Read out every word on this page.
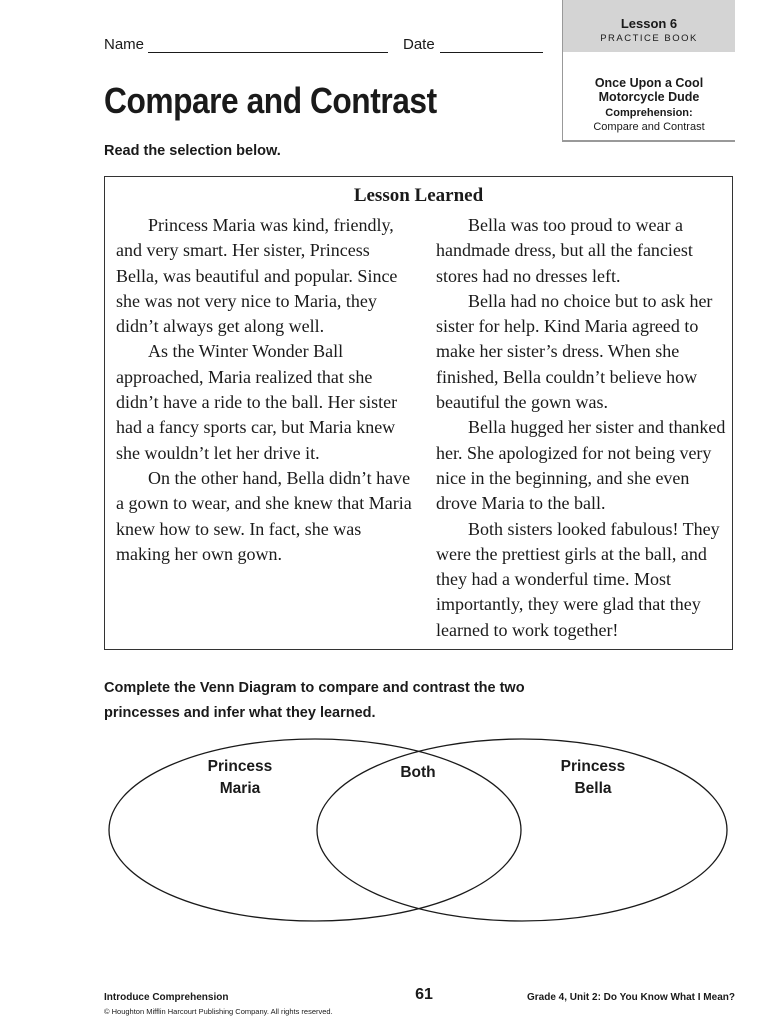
Name	Date
Lesson 6
PRACTICE BOOK
Once Upon a Cool
Motorcycle Dude
Comprehension:
Compare and Contrast
Compare and Contrast
Read the selection below.
Lesson Learned

Princess Maria was kind, friendly, and very smart. Her sister, Princess Bella, was beautiful and popular. Since she was not very nice to Maria, they didn’t always get along well.

As the Winter Wonder Ball approached, Maria realized that she didn’t have a ride to the ball. Her sister had a fancy sports car, but Maria knew she wouldn’t let her drive it.

On the other hand, Bella didn’t have a gown to wear, and she knew that Maria knew how to sew. In fact, she was making her own gown.

Bella was too proud to wear a handmade dress, but all the fanciest stores had no dresses left.

Bella had no choice but to ask her sister for help. Kind Maria agreed to make her sister’s dress. When she finished, Bella couldn’t believe how beautiful the gown was.

Bella hugged her sister and thanked her. She apologized for not being very nice in the beginning, and she even drove Maria to the ball.

Both sisters looked fabulous! They were the prettiest girls at the ball, and they had a wonderful time. Most importantly, they were glad that they learned to work together!

Complete the Venn Diagram to compare and contrast the two
princesses and infer what they learned.
Princess
Maria
Both	Princess
Bella
Introduce Comprehension
© Houghton Mifflin Harcourt Publishing Company. All rights reserved.
61	Grade 4, Unit 2: Do You Know What I Mean?
